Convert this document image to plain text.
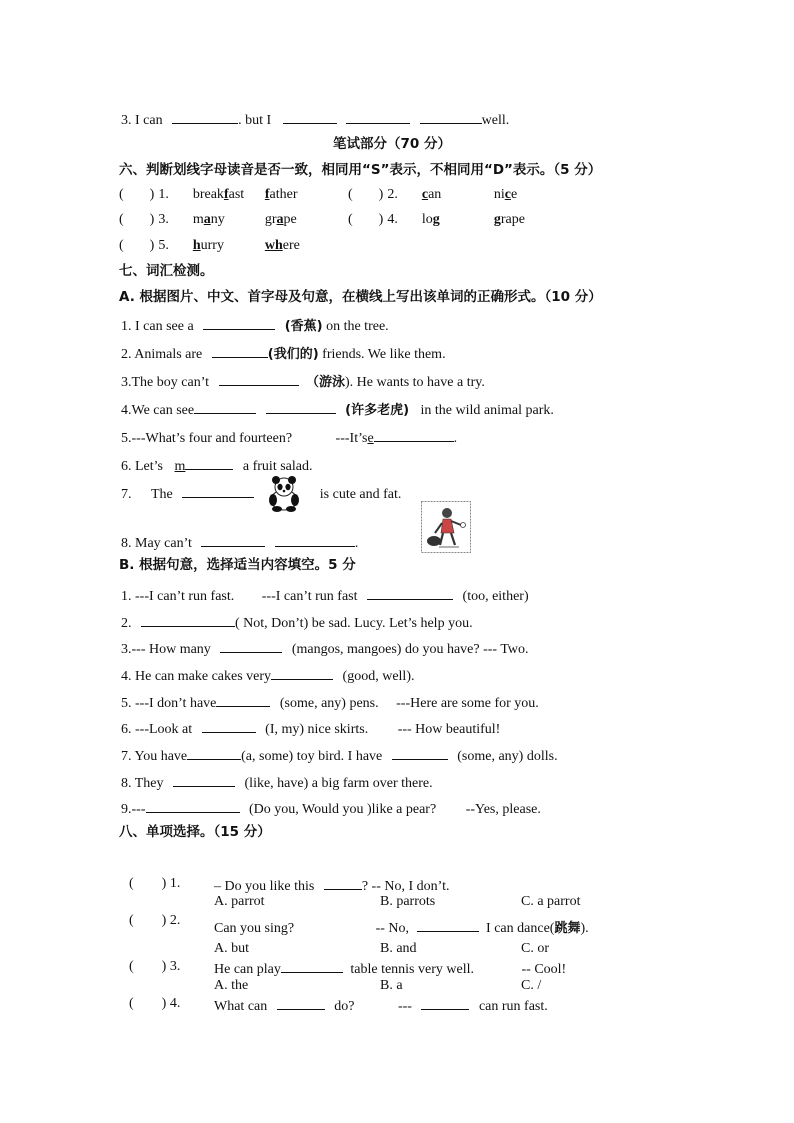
3. I can	. but I	well.
笔试部分（70 分）
六、判断划线字母读音是否一致，相同用“S”表示，不相同用“D”表示。（5 分）
( ) 1. breakfast father	( ) 2. can	nice
( ) 3. many	grape	( ) 4. log	grape
( ) 5. hurry	where
七、词汇检测。
A. 根据图片、中文、首字母及句意，在横线上写出该单词的正确形式。（10 分）
1. I can see a	(香蕉) on the tree.
2. Animals are	(我们的) friends. We like them.
3.The boy can’t	（游泳). He wants to have a try.
4.We can see	(许多老虎) in the wild animal park.
5.---What’s four and fourteen?	---It’se	.
6. Let’s m	a fruit salad.
7. The	is cute and fat.
8. May can’t	.
B. 根据句意，选择适当内容填空。5 分
1. ---I can’t run fast. ---I can’t run fast	(too, either)
2.	( Not, Don’t) be sad. Lucy. Let’s help you.
3.--- How many	(mangos, mangoes) do you have? --- Two.
4. He can make cakes very	(good, well).
5. ---I don’t have	(some, any) pens. ---Here are some for you.
6. ---Look at	(I, my) nice skirts. --- How beautiful!
7. You have	(a, some) toy bird. I have	(some, any) dolls.
8. They	(like, have) a big farm over there.
9.---	(Do you, Would you )like a pear? --Yes, please.
八、单项选择。（15 分）
( ) 1. – Do you like this	? -- No, I don’t.
A. parrot	B. parrots	C. a parrot
( ) 2.
Can you sing?	-- No,	I can dance(跳舞).
A. but	B. and	C. or
( ) 3. He can play	table tennis very well.	-- Cool!
A. the	B. a	C. /
( ) 4. What can	do?	---	can run fast.
